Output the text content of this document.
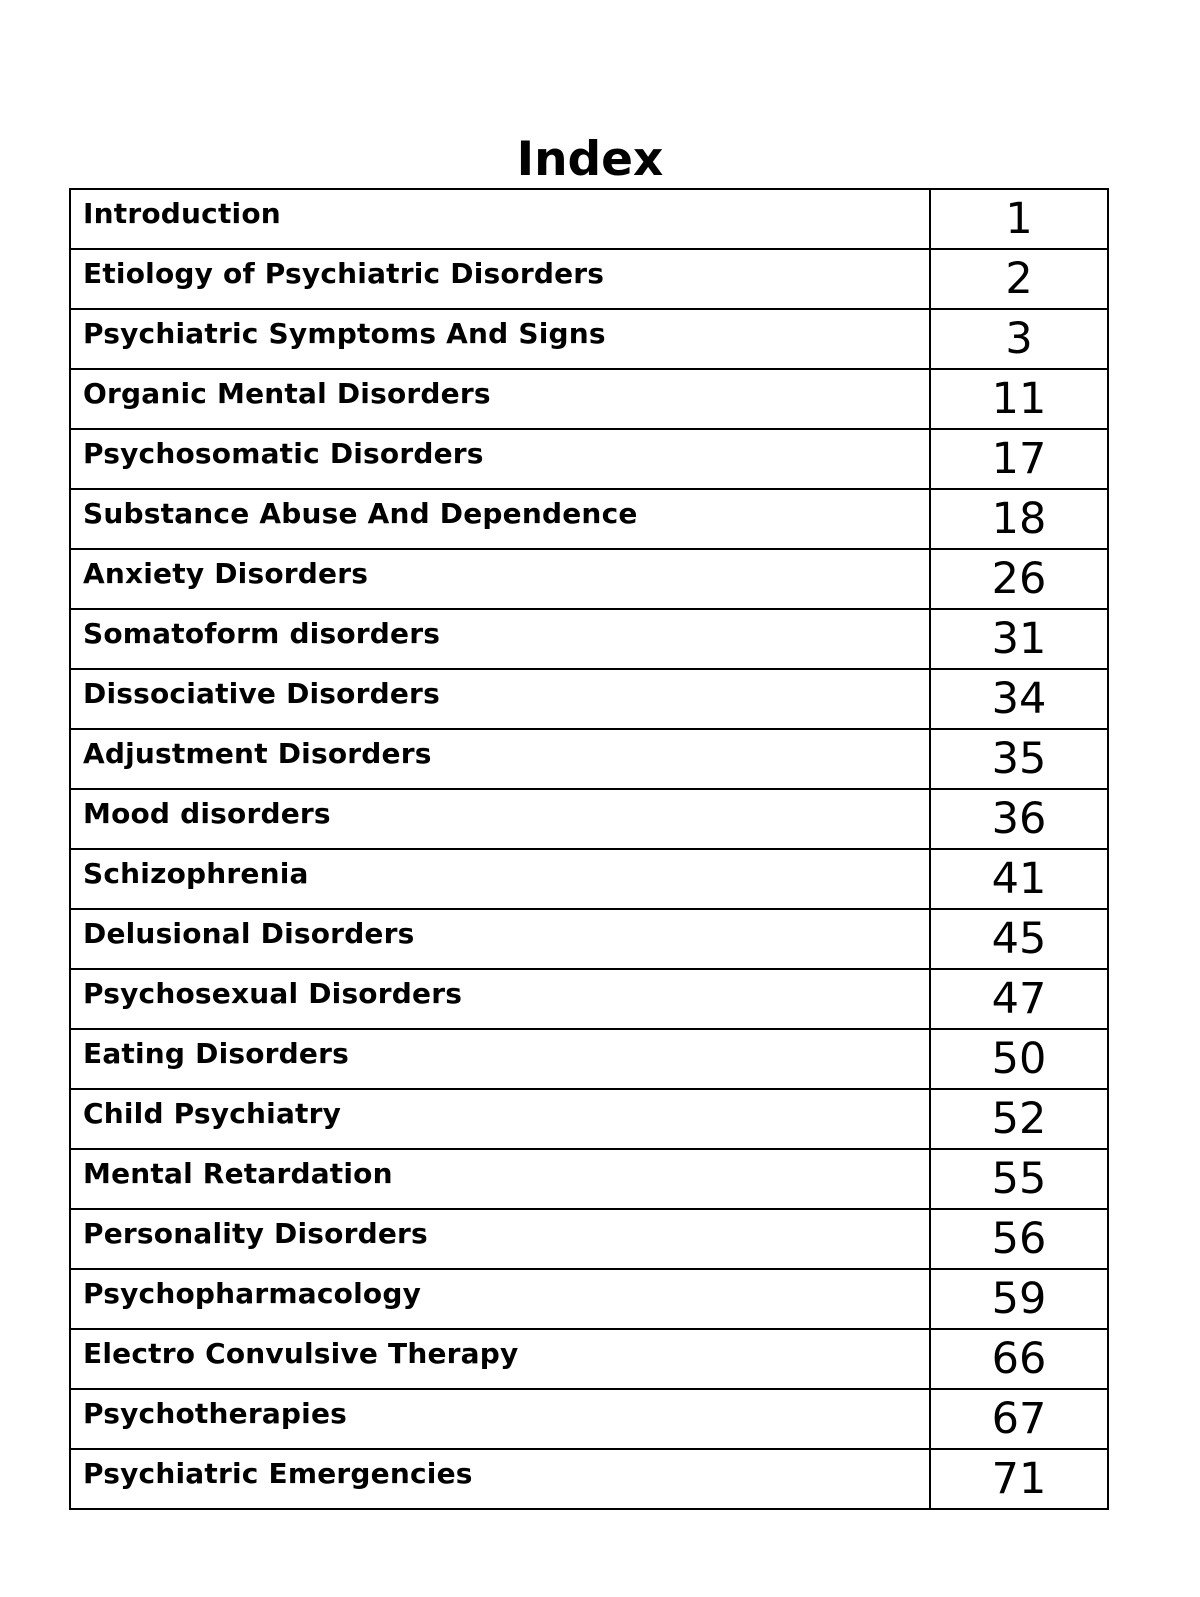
Index
Introduction	1
Etiology of Psychiatric Disorders	2
Psychiatric Symptoms And Signs	3
Organic Mental Disorders	11
Psychosomatic Disorders	17
Substance Abuse And Dependence	18
Anxiety Disorders	26
Somatoform disorders	31
Dissociative Disorders	34
Adjustment Disorders	35
Mood disorders	36
Schizophrenia	41
Delusional Disorders	45
Psychosexual Disorders	47
Eating Disorders	50
Child Psychiatry	52
Mental Retardation	55
Personality Disorders	56
Psychopharmacology	59
Electro Convulsive Therapy	66
Psychotherapies	67
Psychiatric Emergencies	71
